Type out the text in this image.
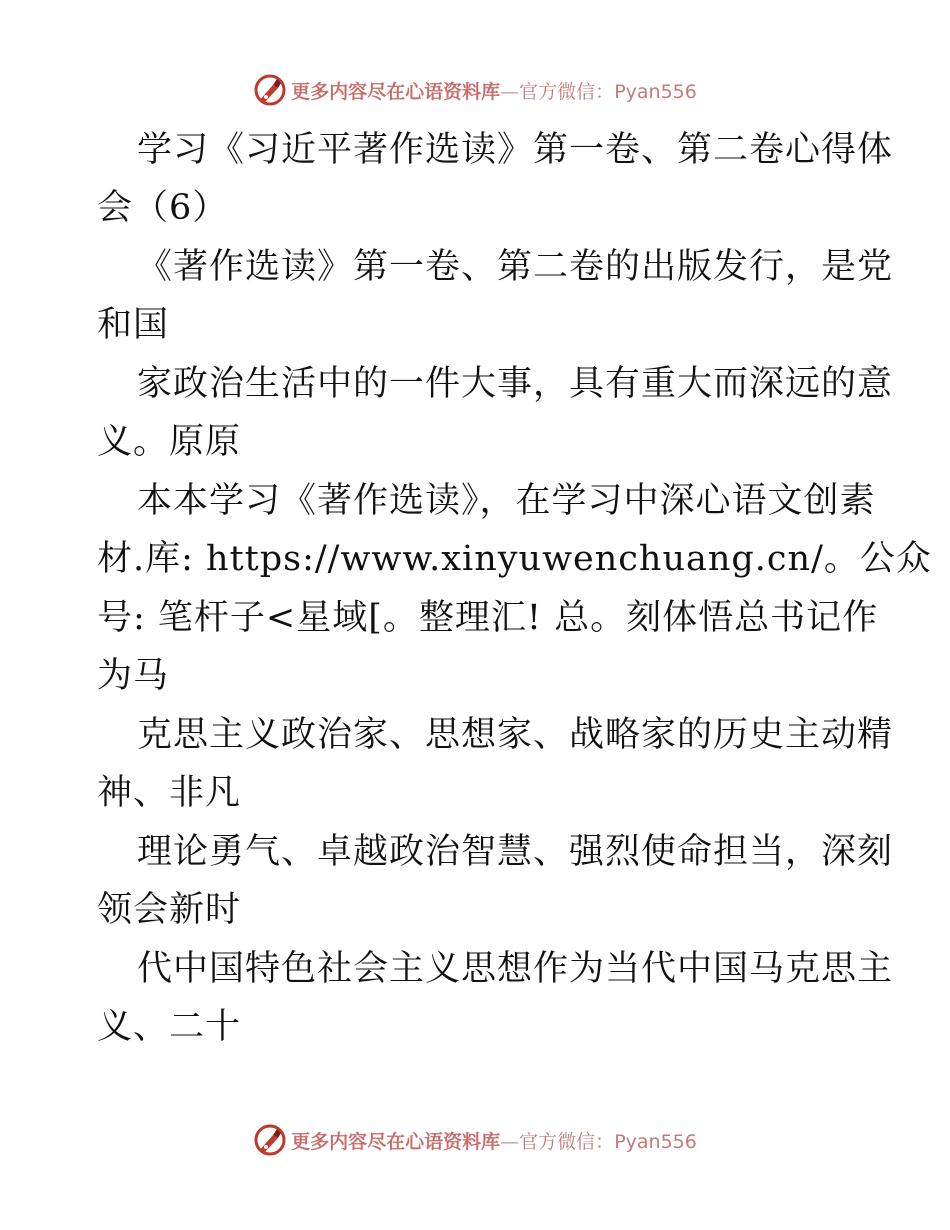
更多内容尽在心语资料库—官方微信：Pyan556
学习《习近平著作选读》第一卷、第二卷心得体
会（6）
《著作选读》第一卷、第二卷的出版发行，是党
和国
家政治生活中的一件大事，具有重大而深远的意
义。原原
本本学习《著作选读》，在学习中深心语文创素
材.库: https://www.xinyuwenchuang.cn/。公众
号: 笔杆子<星域[。整理汇! 总。刻体悟总书记作
为马
克思主义政治家、思想家、战略家的历史主动精
神、非凡
理论勇气、卓越政治智慧、强烈使命担当，深刻
领会新时
代中国特色社会主义思想作为当代中国马克思主
义、二十
更多内容尽在心语资料库—官方微信：Pyan556
